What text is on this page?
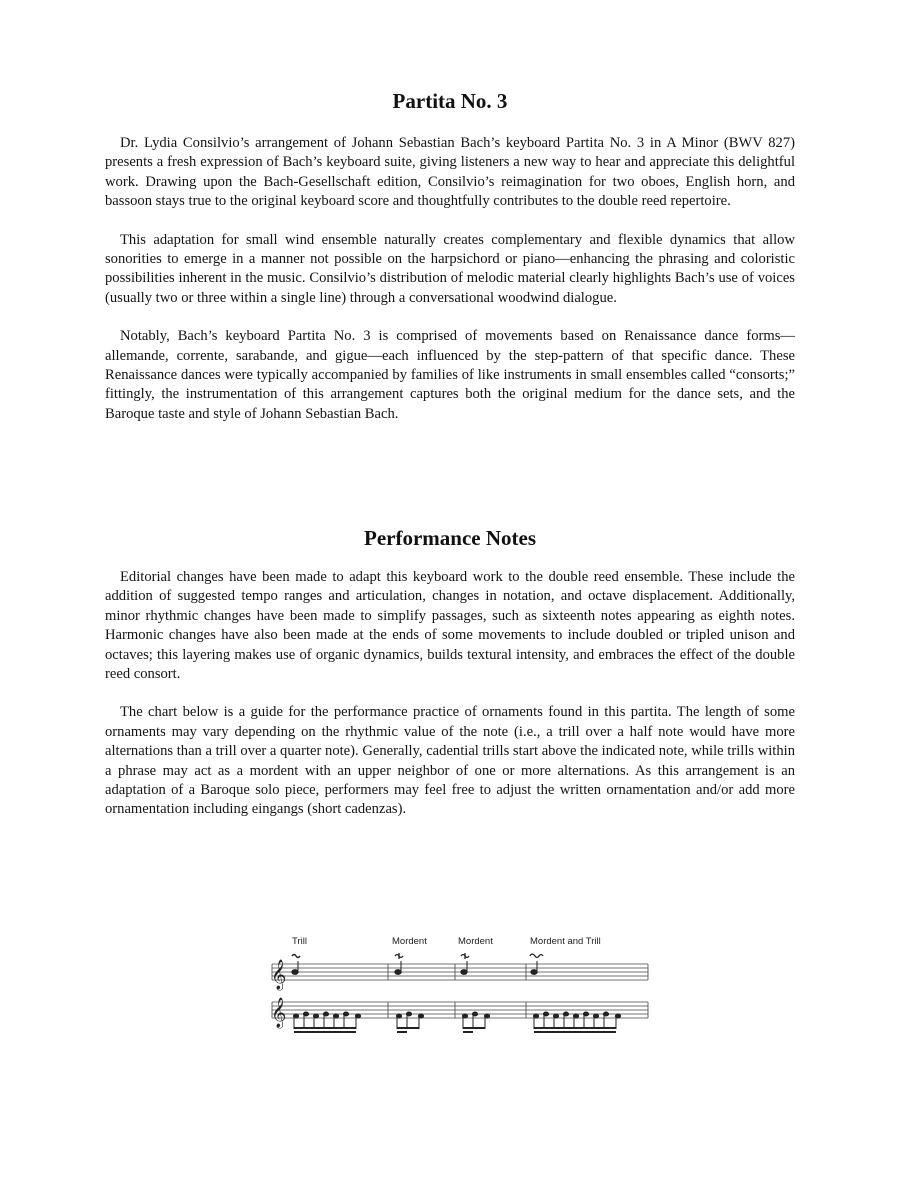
Partita No. 3

Dr. Lydia Consilvio’s arrangement of Johann Sebastian Bach’s keyboard Partita No. 3 in A Minor (BWV 827) presents a fresh expression of Bach’s keyboard suite, giving listeners a new way to hear and appreciate this delightful work. Drawing upon the Bach-Gesellschaft edition, Consilvio’s reimagination for two oboes, English horn, and bassoon stays true to the original keyboard score and thoughtfully contributes to the double reed repertoire.

This adaptation for small wind ensemble naturally creates complementary and flexible dynamics that allow sonorities to emerge in a manner not possible on the harpsichord or piano—enhancing the phrasing and coloristic possibilities inherent in the music. Consilvio’s distribution of melodic material clearly highlights Bach’s use of voices (usually two or three within a single line) through a conversational woodwind dialogue.

Notably, Bach’s keyboard Partita No. 3 is comprised of movements based on Renaissance dance forms— allemande, corrente, sarabande, and gigue—each influenced by the step-pattern of that specific dance. These Renaissance dances were typically accompanied by families of like instruments in small ensembles called “consorts;” fittingly, the instrumentation of this arrangement captures both the original medium for the dance sets, and the Baroque taste and style of Johann Sebastian Bach.

Performance Notes

Editorial changes have been made to adapt this keyboard work to the double reed ensemble. These include the addition of suggested tempo ranges and articulation, changes in notation, and octave displacement. Additionally, minor rhythmic changes have been made to simplify passages, such as sixteenth notes appearing as eighth notes. Harmonic changes have also been made at the ends of some movements to include doubled or tripled unison and octaves; this layering makes use of organic dynamics, builds textural intensity, and embraces the effect of the double reed consort.

The chart below is a guide for the performance practice of ornaments found in this partita. The length of some ornaments may vary depending on the rhythmic value of the note (i.e., a trill over a half note would have more alternations than a trill over a quarter note). Generally, cadential trills start above the indicated note, while trills within a phrase may act as a mordent with an upper neighbor of one or more alternations. As this arrangement is an adaptation of a Baroque solo piece, performers may feel free to adjust the written ornamentation and/or add more ornamentation including eingangs (short cadenzas).

Trill	Mordent	Mordent	Mordent and Trill
𝄞
𝄞
